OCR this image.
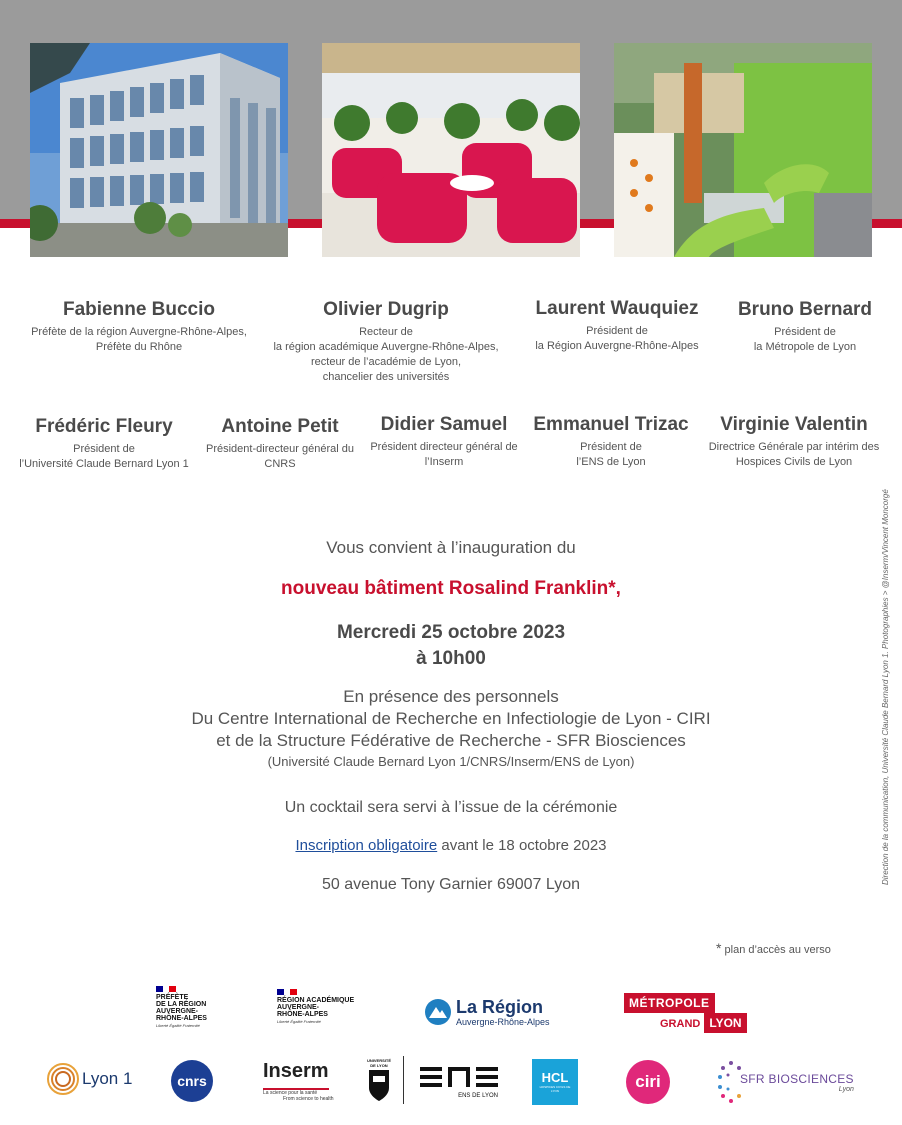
Fabienne Buccio
Préfète de la région Auvergne-Rhône-Alpes,
Préfète du Rhône
Olivier Dugrip
Recteur de
la région académique Auvergne-Rhône-Alpes,
recteur de l’académie de Lyon,
chancelier des universités
Laurent Wauquiez
Président de
la Région Auvergne-Rhône-Alpes
Bruno Bernard
Président de
la Métropole de Lyon
Frédéric Fleury
Président de
l’Université Claude Bernard Lyon 1
Antoine Petit
Président-directeur général du
CNRS
Didier Samuel
Président directeur général de
l’Inserm
Emmanuel Trizac
Président de
l’ENS de Lyon
Virginie Valentin
Directrice Générale par intérim des
Hospices Civils de Lyon
Vous convient à l’inauguration du
nouveau bâtiment Rosalind Franklin*,
Mercredi 25 octobre 2023
à 10h00
En présence des personnels
Du Centre International de Recherche en Infectiologie de Lyon - CIRI
et de la Structure Fédérative de Recherche - SFR Biosciences
(Université Claude Bernard Lyon 1/CNRS/Inserm/ENS de Lyon)
Un cocktail sera servi à l’issue de la cérémonie
Inscription obligatoire avant le 18 octobre 2023
50 avenue Tony Garnier 69007 Lyon
* plan d’accès au verso
Direction de la communication, Université Claude Bernard Lyon 1. Photographies > @Inserm/Vincent Moncorgé
PRÉFÈTE
DE LA RÉGION
AUVERGNE-
RHÔNE-ALPES
Liberté Égalité Fraternité
RÉGION ACADÉMIQUE
AUVERGNE-
RHÔNE-ALPES
Liberté Égalité Fraternité
La Région
Auvergne-Rhône-Alpes
MÉTROPOLE
GRAND LYON
Lyon 1	cnrs	Inserm
La science pour la santé
From science to health
UNIVERSITÉ DE LYON
ENS DE LYON
HCL
HOSPICES CIVILS DE LYON	ciri	SFR BIOSCIENCES
Lyon
